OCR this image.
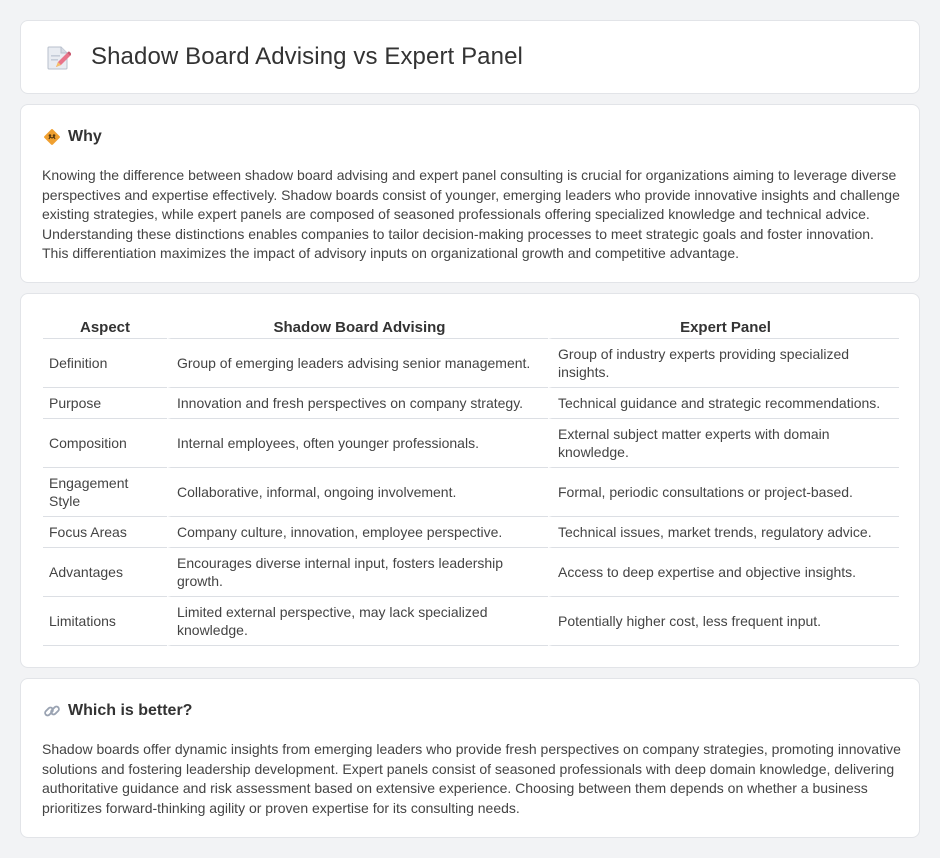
Shadow Board Advising vs Expert Panel
Why

Knowing the difference between shadow board advising and expert panel consulting is crucial for organizations aiming to leverage diverse perspectives and expertise effectively. Shadow boards consist of younger, emerging leaders who provide innovative insights and challenge existing strategies, while expert panels are composed of seasoned professionals offering specialized knowledge and technical advice. Understanding these distinctions enables companies to tailor decision-making processes to meet strategic goals and foster innovation. This differentiation maximizes the impact of advisory inputs on organizational growth and competitive advantage.

Aspect	Shadow Board Advising	Expert Panel
Definition	Group of emerging leaders advising senior management.	Group of industry experts providing specialized insights.
Purpose	Innovation and fresh perspectives on company strategy.	Technical guidance and strategic recommendations.
Composition	Internal employees, often younger professionals.	External subject matter experts with domain knowledge.
Engagement Style	Collaborative, informal, ongoing involvement.	Formal, periodic consultations or project-based.
Focus Areas	Company culture, innovation, employee perspective.	Technical issues, market trends, regulatory advice.
Advantages	Encourages diverse internal input, fosters leadership growth.	Access to deep expertise and objective insights.
Limitations	Limited external perspective, may lack specialized knowledge.	Potentially higher cost, less frequent input.
Which is better?

Shadow boards offer dynamic insights from emerging leaders who provide fresh perspectives on company strategies, promoting innovative solutions and fostering leadership development. Expert panels consist of seasoned professionals with deep domain knowledge, delivering authoritative guidance and risk assessment based on extensive experience. Choosing between them depends on whether a business prioritizes forward-thinking agility or proven expertise for its consulting needs.
